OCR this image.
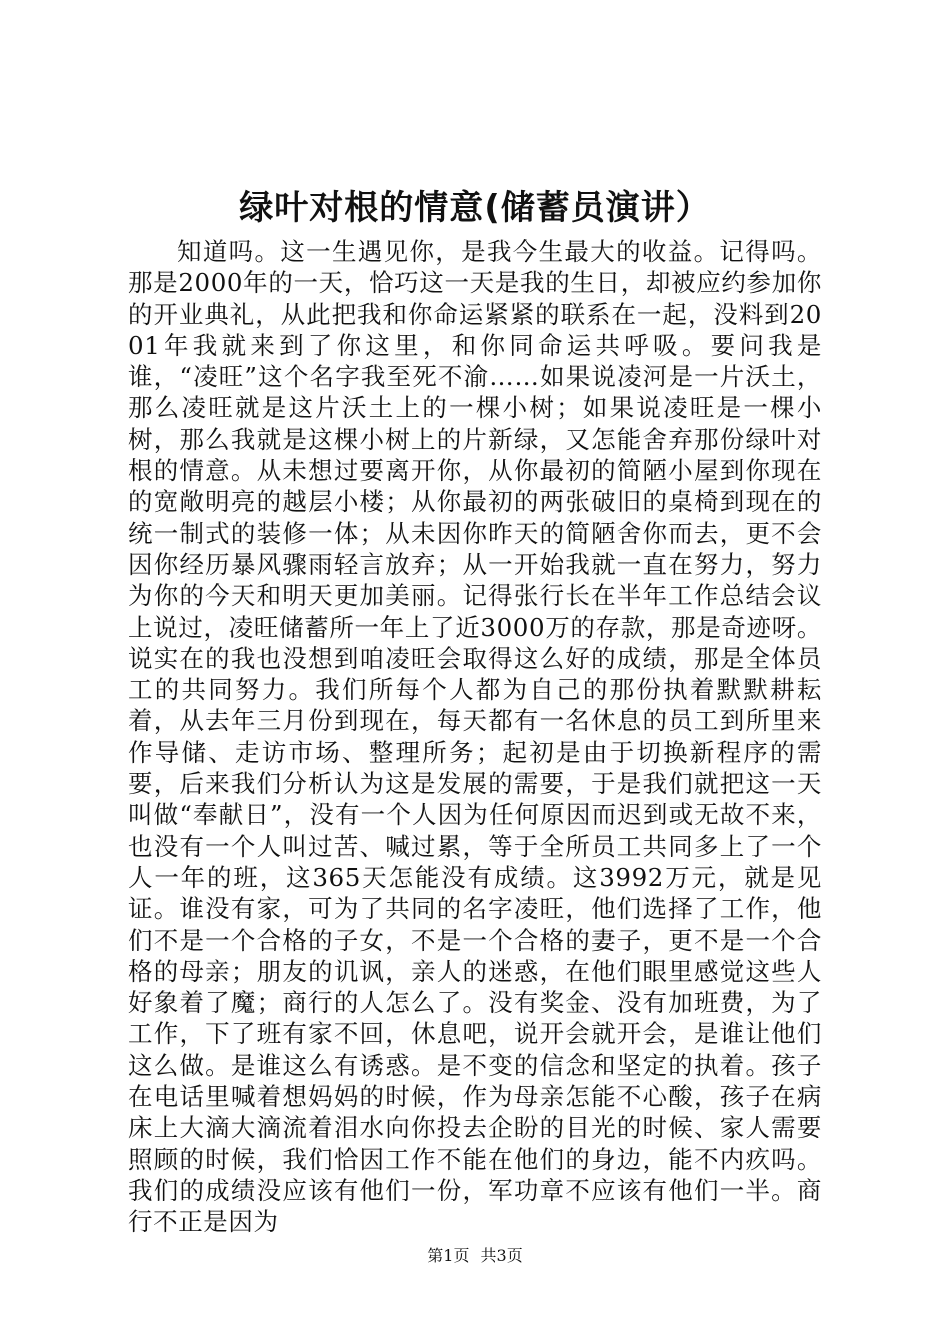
绿叶对根的情意(储蓄员演讲）

知道吗。这一生遇见你，是我今生最大的收益。记得吗。那是2000年的一天，恰巧这一天是我的生日，却被应约参加你的开业典礼，从此把我和你命运紧紧的联系在一起，没料到2001年我就来到了你这里，和你同命运共呼吸。要问我是谁，“凌旺”这个名字我至死不渝……如果说凌河是一片沃土，那么凌旺就是这片沃土上的一棵小树；如果说凌旺是一棵小树，那么我就是这棵小树上的片新绿，又怎能舍弃那份绿叶对根的情意。从未想过要离开你，从你最初的简陋小屋到你现在的宽敞明亮的越层小楼；从你最初的两张破旧的桌椅到现在的统一制式的装修一体；从未因你昨天的简陋舍你而去，更不会因你经历暴风骤雨轻言放弃；从一开始我就一直在努力，努力为你的今天和明天更加美丽。记得张行长在半年工作总结会议上说过，凌旺储蓄所一年上了近3000万的存款，那是奇迹呀。说实在的我也没想到咱凌旺会取得这么好的成绩，那是全体员工的共同努力。我们所每个人都为自己的那份执着默默耕耘着，从去年三月份到现在，每天都有一名休息的员工到所里来作导储、走访市场、整理所务；起初是由于切换新程序的需要，后来我们分析认为这是发展的需要，于是我们就把这一天叫做“奉献日”，没有一个人因为任何原因而迟到或无故不来，也没有一个人叫过苦、喊过累，等于全所员工共同多上了一个人一年的班，这365天怎能没有成绩。这3992万元，就是见证。谁没有家，可为了共同的名字凌旺，他们选择了工作，他们不是一个合格的子女，不是一个合格的妻子，更不是一个合格的母亲；朋友的讥讽，亲人的迷惑，在他们眼里感觉这些人好象着了魔；商行的人怎么了。没有奖金、没有加班费，为了工作，下了班有家不回，休息吧，说开会就开会，是谁让他们这么做。是谁这么有诱惑。是不变的信念和坚定的执着。孩子在电话里喊着想妈妈的时候，作为母亲怎能不心酸，孩子在病床上大滴大滴流着泪水向你投去企盼的目光的时候、家人需要照顾的时候，我们恰因工作不能在他们的身边，能不内疚吗。我们的成绩没应该有他们一份，军功章不应该有他们一半。商行不正是因为

第1页 共3页
